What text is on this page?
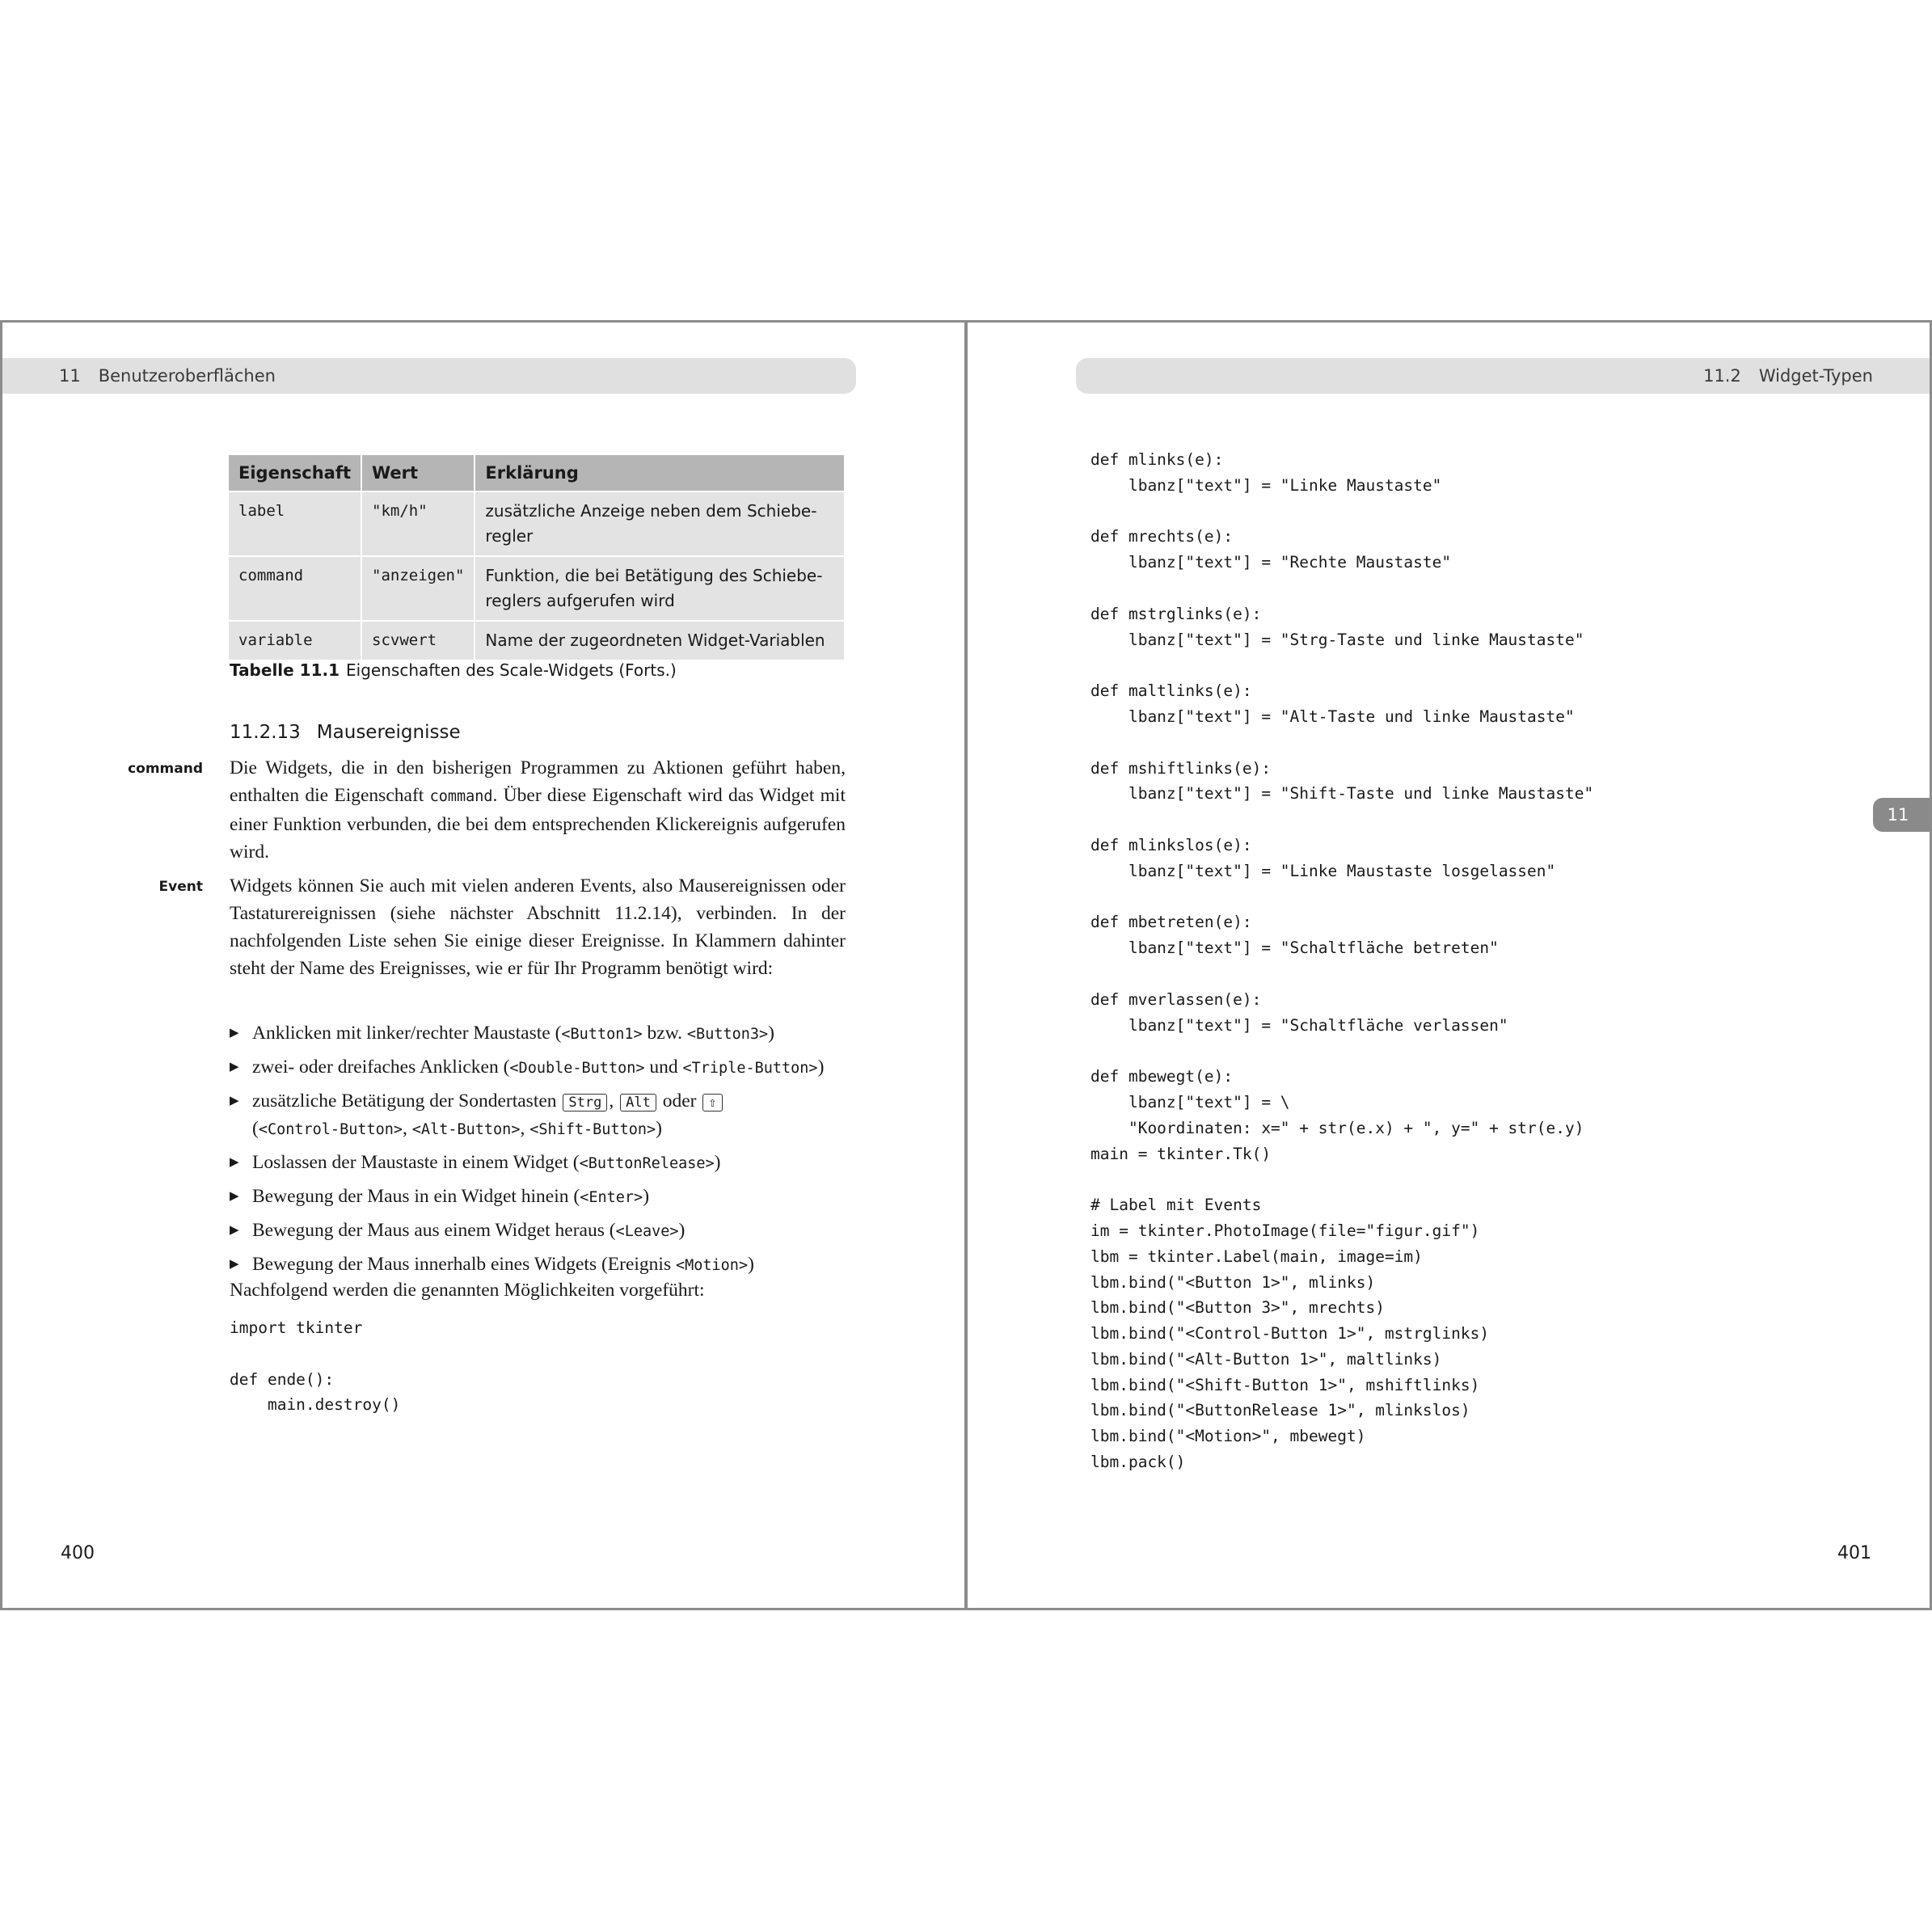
11 Benutzeroberflächen
Eigenschaft	Wert	Erklärung
label	"km/h"	zusätzliche Anzeige neben dem Schieberegler
command	"anzeigen"	Funktion, die bei Betätigung des Schiebereglers aufgerufen wird
variable	scvwert	Name der zugeordneten Widget-Variablen
Tabelle 11.1 Eigenschaften des Scale-Widgets (Forts.)
11.2.13 Mausereignisse
command
Event
Die Widgets, die in den bisherigen Programmen zu Aktionen geführt haben, enthalten die Eigenschaft command. Über diese Eigenschaft wird das Widget mit einer Funktion verbunden, die bei dem entsprechenden Klickereignis aufgerufen wird.
Widgets können Sie auch mit vielen anderen Events, also Mausereignissen oder Tastaturereignissen (siehe nächster Abschnitt 11.2.14), verbinden. In der nachfolgenden Liste sehen Sie einige dieser Ereignisse. In Klammern dahinter steht der Name des Ereignisses, wie er für Ihr Programm benötigt wird:
▶ Anklicken mit linker/rechter Maustaste (<Button1> bzw. <Button3>)
▶ zwei- oder dreifaches Anklicken (<Double-Button> und <Triple-Button>)
▶ zusätzliche Betätigung der Sondertasten Strg , Alt oder ⇧
(<Control-Button>, <Alt-Button>, <Shift-Button>)
▶ Loslassen der Maustaste in einem Widget (<ButtonRelease>)
▶ Bewegung der Maus in ein Widget hinein (<Enter>)
▶ Bewegung der Maus aus einem Widget heraus (<Leave>)
▶ Bewegung der Maus innerhalb eines Widgets (Ereignis <Motion>)
Nachfolgend werden die genannten Möglichkeiten vorgeführt:
import tkinter

def ende():
main.destroy()
400
11.2 Widget-Typen
11
def mlinks(e):
lbanz["text"] = "Linke Maustaste"

def mrechts(e):
lbanz["text"] = "Rechte Maustaste"

def mstrglinks(e):
lbanz["text"] = "Strg-Taste und linke Maustaste"

def maltlinks(e):
lbanz["text"] = "Alt-Taste und linke Maustaste"

def mshiftlinks(e):
lbanz["text"] = "Shift-Taste und linke Maustaste"

def mlinkslos(e):
lbanz["text"] = "Linke Maustaste losgelassen"

def mbetreten(e):
lbanz["text"] = "Schaltfläche betreten"

def mverlassen(e):
lbanz["text"] = "Schaltfläche verlassen"

def mbewegt(e):
lbanz["text"] = \
"Koordinaten: x=" + str(e.x) + ", y=" + str(e.y)
main = tkinter.Tk()

# Label mit Events
im = tkinter.PhotoImage(file="figur.gif")
lbm = tkinter.Label(main, image=im)
lbm.bind("<Button 1>", mlinks)
lbm.bind("<Button 3>", mrechts)
lbm.bind("<Control-Button 1>", mstrglinks)
lbm.bind("<Alt-Button 1>", maltlinks)
lbm.bind("<Shift-Button 1>", mshiftlinks)
lbm.bind("<ButtonRelease 1>", mlinkslos)
lbm.bind("<Motion>", mbewegt)
lbm.pack()
401
